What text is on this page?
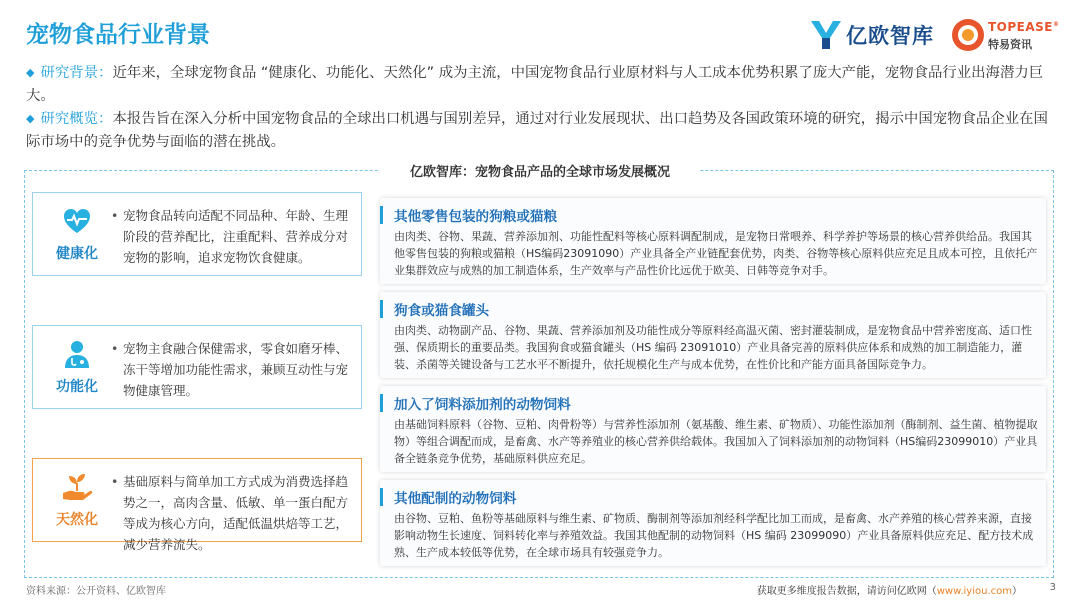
宠物食品行业背景	亿欧智库	TOPEASE®
特易资讯
◆ 研究背景：近年来，全球宠物食品 “健康化、功能化、天然化” 成为主流，中国宠物食品行业原材料与人工成本优势积累了庞大产能，宠物食品行业出海潜力巨大。
◆ 研究概览：本报告旨在深入分析中国宠物食品的全球出口机遇与国别差异，通过对行业发展现状、出口趋势及各国政策环境的研究，揭示中国宠物食品企业在国际市场中的竞争优势与面临的潜在挑战。
亿欧智库：宠物食品产品的全球市场发展概况
健康化
• 宠物食品转向适配不同品种、年龄、生理阶段的营养配比，注重配料、营养成分对宠物的影响，追求宠物饮食健康。
功能化
• 宠物主食融合保健需求，零食如磨牙棒、冻干等增加功能性需求，兼顾互动性与宠物健康管理。
天然化
• 基础原料与简单加工方式成为消费选择趋势之一，高肉含量、低敏、单一蛋白配方等成为核心方向，适配低温烘焙等工艺，减少营养流失。
其他零售包装的狗粮或猫粮
由肉类、谷物、果蔬、营养添加剂、功能性配料等核心原料调配制成，是宠物日常喂养、科学养护等场景的核心营养供给品。我国其他零售包装的狗粮或猫粮（HS编码23091090）产业具备全产业链配套优势，肉类、谷物等核心原料供应充足且成本可控，且依托产业集群效应与成熟的加工制造体系，生产效率与产品性价比远优于欧美、日韩等竞争对手。
狗食或猫食罐头
由肉类、动物副产品、谷物、果蔬、营养添加剂及功能性成分等原料经高温灭菌、密封灌装制成，是宠物食品中营养密度高、适口性强、保质期长的重要品类。我国狗食或猫食罐头（HS 编码 23091010）产业具备完善的原料供应体系和成熟的加工制造能力，灌装、杀菌等关键设备与工艺水平不断提升，依托规模化生产与成本优势，在性价比和产能方面具备国际竞争力。
加入了饲料添加剂的动物饲料
由基础饲料原料（谷物、豆粕、肉骨粉等）与营养性添加剂（氨基酸、维生素、矿物质）、功能性添加剂（酶制剂、益生菌、植物提取物）等组合调配而成，是畜禽、水产等养殖业的核心营养供给载体。我国加入了饲料添加剂的动物饲料（HS编码23099010）产业具备全链条竞争优势，基础原料供应充足。
其他配制的动物饲料
由谷物、豆粕、鱼粉等基础原料与维生素、矿物质、酶制剂等添加剂经科学配比加工而成，是畜禽、水产养殖的核心营养来源，直接影响动物生长速度、饲料转化率与养殖效益。我国其他配制的动物饲料（HS 编码 23099090）产业具备原料供应充足、配方技术成熟、生产成本较低等优势，在全球市场具有较强竞争力。
资料来源：公开资料、亿欧智库	获取更多维度报告数据，请访问亿欧网（www.iyiou.com）	3
